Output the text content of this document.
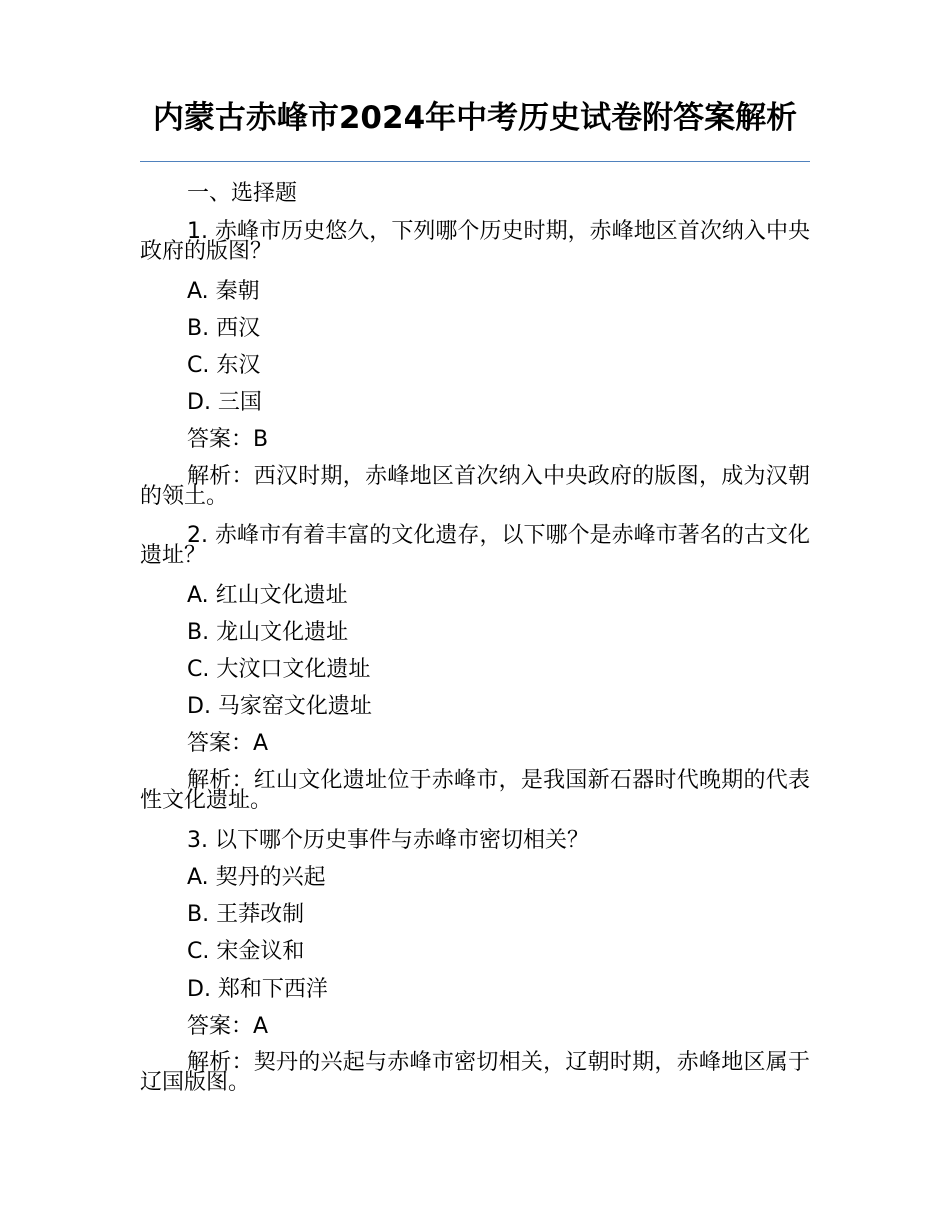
内蒙古赤峰市2024年中考历史试卷附答案解析
一、选择题
1. 赤峰市历史悠久，下列哪个历史时期，赤峰地区首次纳入中央政府的版图？
A. 秦朝
B. 西汉
C. 东汉
D. 三国
答案：B
解析：西汉时期，赤峰地区首次纳入中央政府的版图，成为汉朝的领土。
2. 赤峰市有着丰富的文化遗存，以下哪个是赤峰市著名的古文化遗址？
A. 红山文化遗址
B. 龙山文化遗址
C. 大汶口文化遗址
D. 马家窑文化遗址
答案：A
解析：红山文化遗址位于赤峰市，是我国新石器时代晚期的代表性文化遗址。
3. 以下哪个历史事件与赤峰市密切相关？
A. 契丹的兴起
B. 王莽改制
C. 宋金议和
D. 郑和下西洋
答案：A
解析：契丹的兴起与赤峰市密切相关，辽朝时期，赤峰地区属于辽国版图。
